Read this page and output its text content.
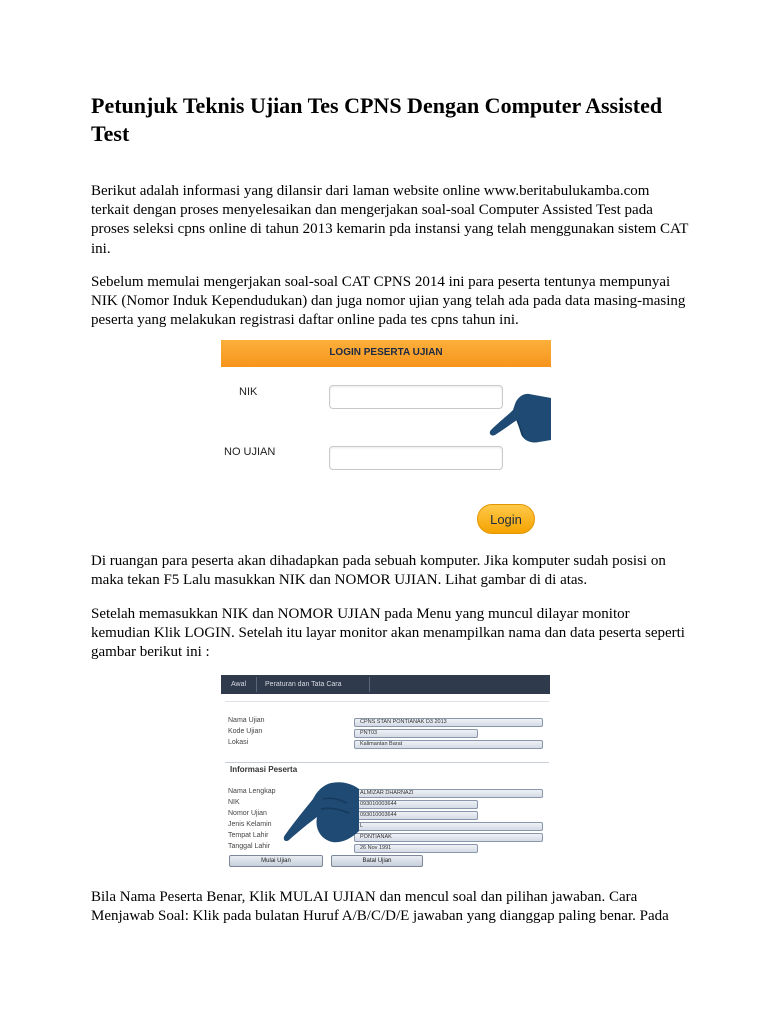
Petunjuk Teknis Ujian Tes CPNS Dengan Computer Assisted Test

Berikut adalah informasi yang dilansir dari laman website online www.beritabulukamba.com terkait dengan proses menyelesaikan dan mengerjakan soal-soal Computer Assisted Test pada proses seleksi cpns online di tahun 2013 kemarin pda instansi yang telah menggunakan sistem CAT ini.

Sebelum memulai mengerjakan soal-soal CAT CPNS 2014 ini para peserta tentunya mempunyai NIK (Nomor Induk Kependudukan) dan juga nomor ujian yang telah ada pada data masing-masing peserta yang melakukan registrasi daftar online pada tes cpns tahun ini.

LOGIN PESERTA UJIAN
NIK
NO UJIAN
Login

Di ruangan para peserta akan dihadapkan pada sebuah komputer. Jika komputer sudah posisi on maka tekan F5 Lalu masukkan NIK dan NOMOR UJIAN. Lihat gambar di di atas.

Setelah memasukkan NIK dan NOMOR UJIAN pada Menu yang muncul dilayar monitor kemudian Klik LOGIN. Setelah itu layar monitor akan menampilkan nama dan data peserta seperti gambar berikut ini :

Awal	Peraturan dan Tata Cara
Nama Ujian	CPNS STAN PONTIANAK D3 2013
Kode Ujian	PNT03
Lokasi	Kalimantan Barat
Informasi Peserta
Nama Lengkap	ALMIZAR DHARNAZI
NIK	093010003644
Nomor Ujian	093010003644
Jenis Kelamin	L
Tempat Lahir	PONTIANAK
Tanggal Lahir	26 Nov 1991
Mulai Ujian	Batal Ujian

Bila Nama Peserta Benar, Klik MULAI UJIAN dan mencul soal dan pilihan jawaban. Cara Menjawab Soal: Klik pada bulatan Huruf A/B/C/D/E jawaban yang dianggap paling benar. Pada
